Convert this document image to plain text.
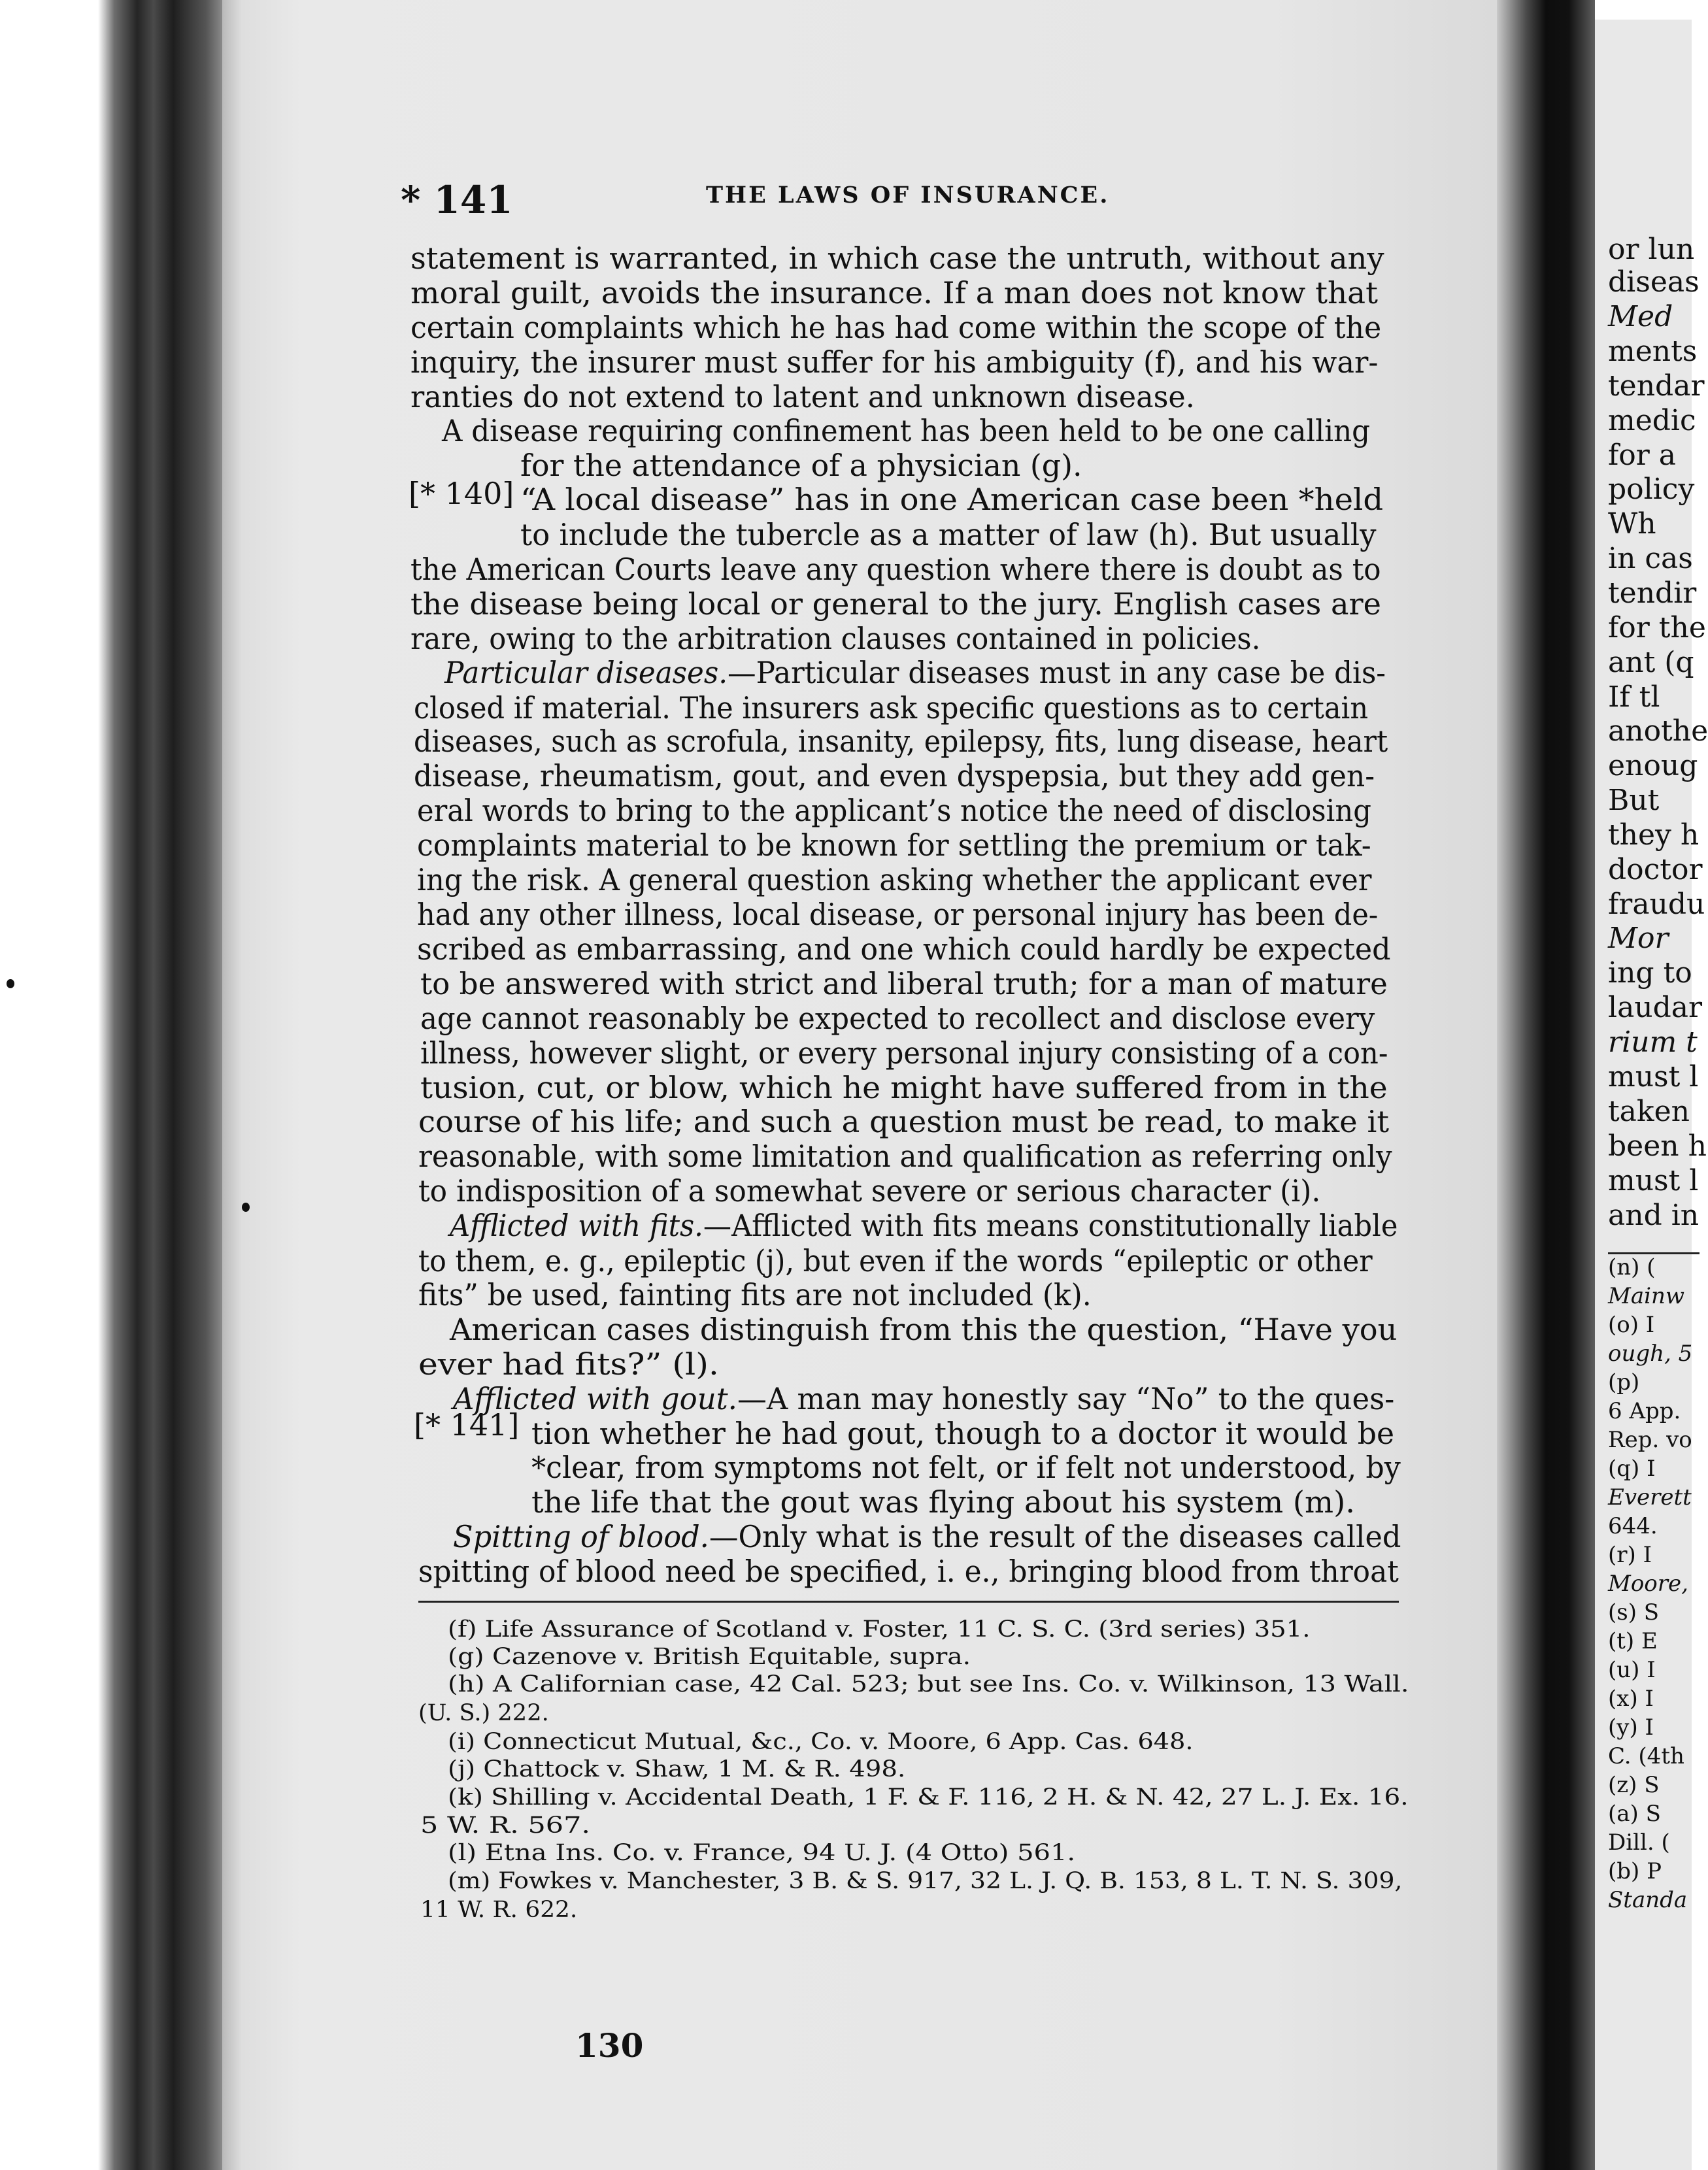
or lun
diseas
Med
ments
tendar
medic
for a
policy
Wh
in cas
tendir
for the
ant (q
If tl
anothe
enoug
But
they h
doctor
fraudu
Mor
ing to
laudar
rium t
must l
taken
been h
must l
and in
(n) (
Mainw
(o) I
ough, 5
(p)
6 App.
Rep. vo
(q) I
Everett
644.
(r) I
Moore,
(s) S
(t) E
(u) I
(x) I
(y) I
C. (4th
(z) S
(a) S
Dill. (
(b) P
Standa
* 141	THE LAWS OF INSURANCE.
statement is warranted, in which case the untruth, without any
moral guilt, avoids the insurance. If a man does not know that
certain complaints which he has had come within the scope of the
inquiry, the insurer must suffer for his ambiguity (f), and his war-
ranties do not extend to latent and unknown disease.
A disease requiring confinement has been held to be one calling
for the attendance of a physician (g).
“A local disease” has in one American case been *held
to include the tubercle as a matter of law (h). But usually
the American Courts leave any question where there is doubt as to
the disease being local or general to the jury. English cases are
rare, owing to the arbitration clauses contained in policies.
Particular diseases.—Particular diseases must in any case be dis-
closed if material. The insurers ask specific questions as to certain
diseases, such as scrofula, insanity, epilepsy, fits, lung disease, heart
disease, rheumatism, gout, and even dyspepsia, but they add gen-
eral words to bring to the applicant’s notice the need of disclosing
complaints material to be known for settling the premium or tak-
ing the risk. A general question asking whether the applicant ever
had any other illness, local disease, or personal injury has been de-
scribed as embarrassing, and one which could hardly be expected
to be answered with strict and liberal truth; for a man of mature
age cannot reasonably be expected to recollect and disclose every
illness, however slight, or every personal injury consisting of a con-
tusion, cut, or blow, which he might have suffered from in the
course of his life; and such a question must be read, to make it
reasonable, with some limitation and qualification as referring only
to indisposition of a somewhat severe or serious character (i).
Afflicted with fits.—Afflicted with fits means constitutionally liable
to them, e. g., epileptic (j), but even if the words “epileptic or other
fits” be used, fainting fits are not included (k).
American cases distinguish from this the question, “Have you
ever had fits?” (l).
Afflicted with gout.—A man may honestly say “No” to the ques-
tion whether he had gout, though to a doctor it would be
*clear, from symptoms not felt, or if felt not understood, by
the life that the gout was flying about his system (m).
Spitting of blood.—Only what is the result of the diseases called
spitting of blood need be specified, i. e., bringing blood from throat
[* 140]
[* 141]
(f) Life Assurance of Scotland v. Foster, 11 C. S. C. (3rd series) 351.
(g) Cazenove v. British Equitable, supra.
(h) A Californian case, 42 Cal. 523; but see Ins. Co. v. Wilkinson, 13 Wall.
(U. S.) 222.
(i) Connecticut Mutual, &c., Co. v. Moore, 6 App. Cas. 648.
(j) Chattock v. Shaw, 1 M. & R. 498.
(k) Shilling v. Accidental Death, 1 F. & F. 116, 2 H. & N. 42, 27 L. J. Ex. 16.
5 W. R. 567.
(l) Etna Ins. Co. v. France, 94 U. J. (4 Otto) 561.
(m) Fowkes v. Manchester, 3 B. & S. 917, 32 L. J. Q. B. 153, 8 L. T. N. S. 309,
11 W. R. 622.
130
